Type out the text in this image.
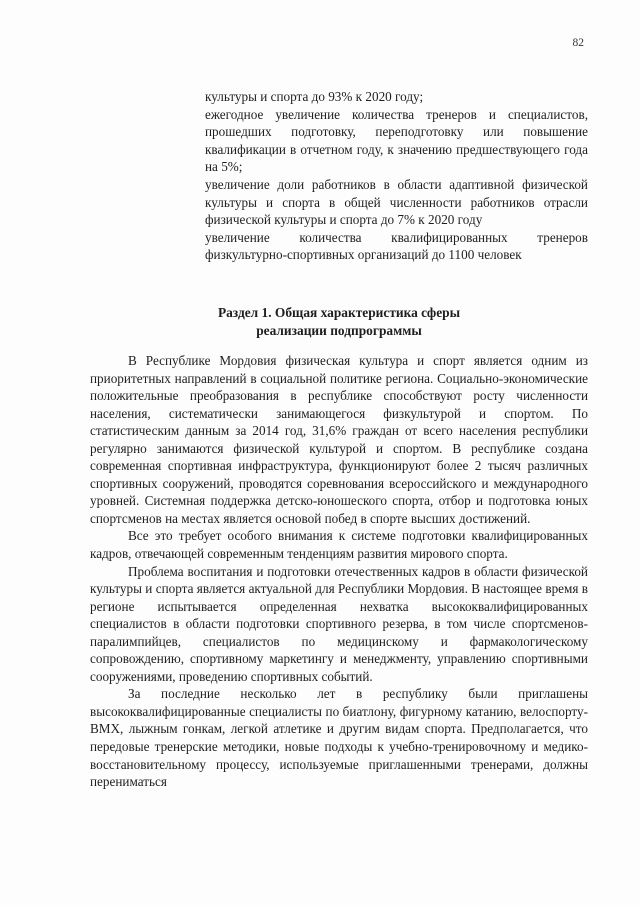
82

культуры и спорта до 93% к 2020 году;

ежегодное увеличение количества тренеров и специалистов, прошедших подготовку, переподготовку или повышение квалификации в отчетном году, к значению предшествующего года на 5%;

увеличение доли работников в области адаптивной физической культуры и спорта в общей численности работников отрасли физической культуры и спорта до 7% к 2020 году

увеличение количества квалифицированных тренеров физкультурно-спортивных организаций до 1100 человек

Раздел 1. Общая характеристика сферы
реализации подпрограммы

В Республике Мордовия физическая культура и спорт является одним из приоритетных направлений в социальной политике региона. Социально-экономические положительные преобразования в республике способствуют росту численности населения, систематически занимающегося физкультурой и спортом. По статистическим данным за 2014 год, 31,6% граждан от всего населения республики регулярно занимаются физической культурой и спортом. В республике создана современная спортивная инфраструктура, функционируют более 2 тысяч различных спортивных сооружений, проводятся соревнования всероссийского и международного уровней. Системная поддержка детско-юношеского спорта, отбор и подготовка юных спортсменов на местах является основой побед в спорте высших достижений.

Все это требует особого внимания к системе подготовки квалифицированных кадров, отвечающей современным тенденциям развития мирового спорта.

Проблема воспитания и подготовки отечественных кадров в области физической культуры и спорта является актуальной для Республики Мордовия. В настоящее время в регионе испытывается определенная нехватка высококвалифицированных специалистов в области подготовки спортивного резерва, в том числе спортсменов-паралимпийцев, специалистов по медицинскому и фармакологическому сопровождению, спортивному маркетингу и менеджменту, управлению спортивными сооружениями, проведению спортивных событий.

За последние несколько лет в республику были приглашены высококвалифицированные специалисты по биатлону, фигурному катанию, велоспорту-ВМХ, лыжным гонкам, легкой атлетике и другим видам спорта. Предполагается, что передовые тренерские методики, новые подходы к учебно-тренировочному и медико-восстановительному процессу, используемые приглашенными тренерами, должны перениматься
